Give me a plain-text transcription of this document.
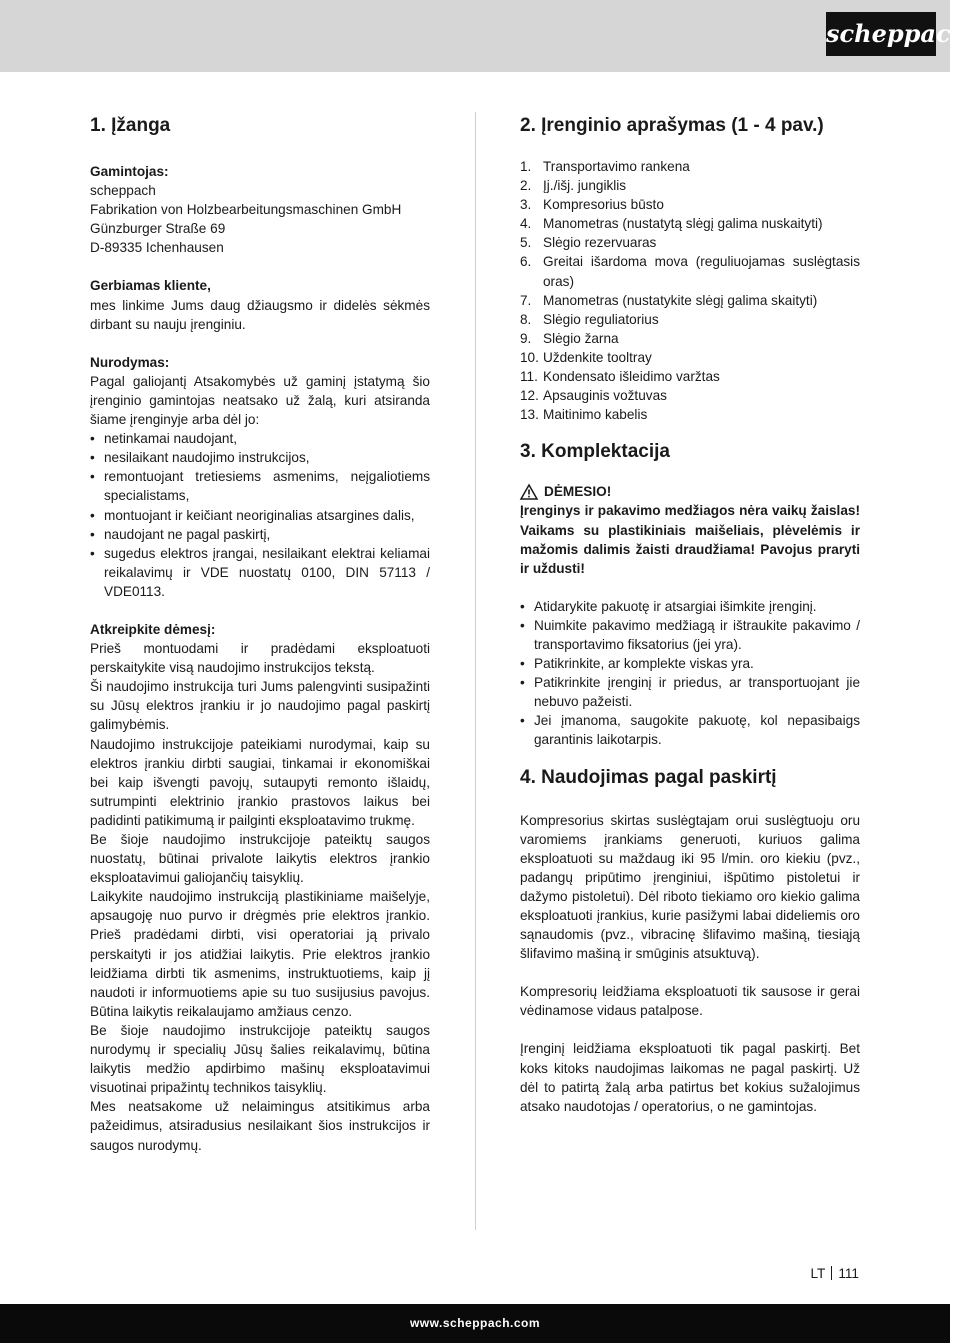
scheppach
1. Įžanga

Gamintojas:

scheppach

Fabrikation von Holzbearbeitungsmaschinen GmbH

Günzburger Straße 69

D-89335 Ichenhausen

Gerbiamas kliente,

mes linkime Jums daug džiaugsmo ir didelės sėkmės dirbant su nauju įrenginiu.

Nurodymas:

Pagal galiojantį Atsakomybės už gaminį įstatymą šio įrenginio gamintojas neatsako už žalą, kuri atsiranda šiame įrenginyje arba dėl jo:

• netinkamai naudojant,
• nesilaikant naudojimo instrukcijos,
• remontuojant tretiesiems asmenims, neįgaliotiems specialistams,
• montuojant ir keičiant neoriginalias atsargines dalis,
• naudojant ne pagal paskirtį,
• sugedus elektros įrangai, nesilaikant elektrai keliamai reikalavimų ir VDE nuostatų 0100, DIN 57113 / VDE0113.

Atkreipkite dėmesį:

Prieš montuodami ir pradėdami eksploatuoti perskaitykite visą naudojimo instrukcijos tekstą.

Ši naudojimo instrukcija turi Jums palengvinti susipažinti su Jūsų elektros įrankiu ir jo naudojimo pagal paskirtį galimybėmis.

Naudojimo instrukcijoje pateikiami nurodymai, kaip su elektros įrankiu dirbti saugiai, tinkamai ir ekonomiškai bei kaip išvengti pavojų, sutaupyti remonto išlaidų, sutrumpinti elektrinio įrankio prastovos laikus bei padidinti patikimumą ir pailginti eksploatavimo trukmę.

Be šioje naudojimo instrukcijoje pateiktų saugos nuostatų, būtinai privalote laikytis elektros įrankio eksploatavimui galiojančių taisyklių.

Laikykite naudojimo instrukciją plastikiniame maišelyje, apsaugoję nuo purvo ir drėgmės prie elektros įrankio. Prieš pradėdami dirbti, visi operatoriai ją privalo perskaityti ir jos atidžiai laikytis. Prie elektros įrankio leidžiama dirbti tik asmenims, instruktuotiems, kaip jį naudoti ir informuotiems apie su tuo susijusius pavojus. Būtina laikytis reikalaujamo amžiaus cenzo.

Be šioje naudojimo instrukcijoje pateiktų saugos nurodymų ir specialių Jūsų šalies reikalavimų, būtina laikytis medžio apdirbimo mašinų eksploatavimui visuotinai pripažintų technikos taisyklių.

Mes neatsakome už nelaimingus atsitikimus arba pažeidimus, atsiradusius nesilaikant šios instrukcijos ir saugos nurodymų.

2. Įrenginio aprašymas (1 - 4 pav.)
1. Transportavimo rankena
2. Įj./išj. jungiklis
3. Kompresorius būsto
4. Manometras (nustatytą slėgį galima nuskaityti)
5. Slėgio rezervuaras
6. Greitai išardoma mova (reguliuojamas suslėgtasis oras)
7. Manometras (nustatykite slėgį galima skaityti)
8. Slėgio reguliatorius
9. Slėgio žarna
10. Uždenkite tooltray
11. Kondensato išleidimo varžtas
12. Apsauginis vožtuvas
13. Maitinimo kabelis
3. Komplektacija
DĖMESIO!

Įrenginys ir pakavimo medžiagos nėra vaikų žaislas! Vaikams su plastikiniais maišeliais, plėvelėmis ir mažomis dalimis žaisti draudžiama! Pavojus praryti ir uždusti!

• Atidarykite pakuotę ir atsargiai išimkite įrenginį.
• Nuimkite pakavimo medžiagą ir ištraukite pakavimo / transportavimo fiksatorius (jei yra).
• Patikrinkite, ar komplekte viskas yra.
• Patikrinkite įrenginį ir priedus, ar transportuojant jie nebuvo pažeisti.
• Jei įmanoma, saugokite pakuotę, kol nepasibaigs garantinis laikotarpis.
4. Naudojimas pagal paskirtį

Kompresorius skirtas suslėgtajam orui suslėgtuoju oru varomiems įrankiams generuoti, kuriuos galima eksploatuoti su maždaug iki 95 l/min. oro kiekiu (pvz., padangų pripūtimo įrenginiui, išpūtimo pistoletui ir dažymo pistoletui). Dėl riboto tiekiamo oro kiekio galima eksploatuoti įrankius, kurie pasižymi labai dideliemis oro sąnaudomis (pvz., vibracinę šlifavimo mašiną, tiesiąją šlifavimo mašiną ir smūginis atsuktuvą).

Kompresorių leidžiama eksploatuoti tik sausose ir gerai vėdinamose vidaus patalpose.

Įrenginį leidžiama eksploatuoti tik pagal paskirtį. Bet koks kitoks naudojimas laikomas ne pagal paskirtį. Už dėl to patirtą žalą arba patirtus bet kokius sužalojimus atsako naudotojas / operatorius, o ne gamintojas.

LT 111
www.scheppach.com
